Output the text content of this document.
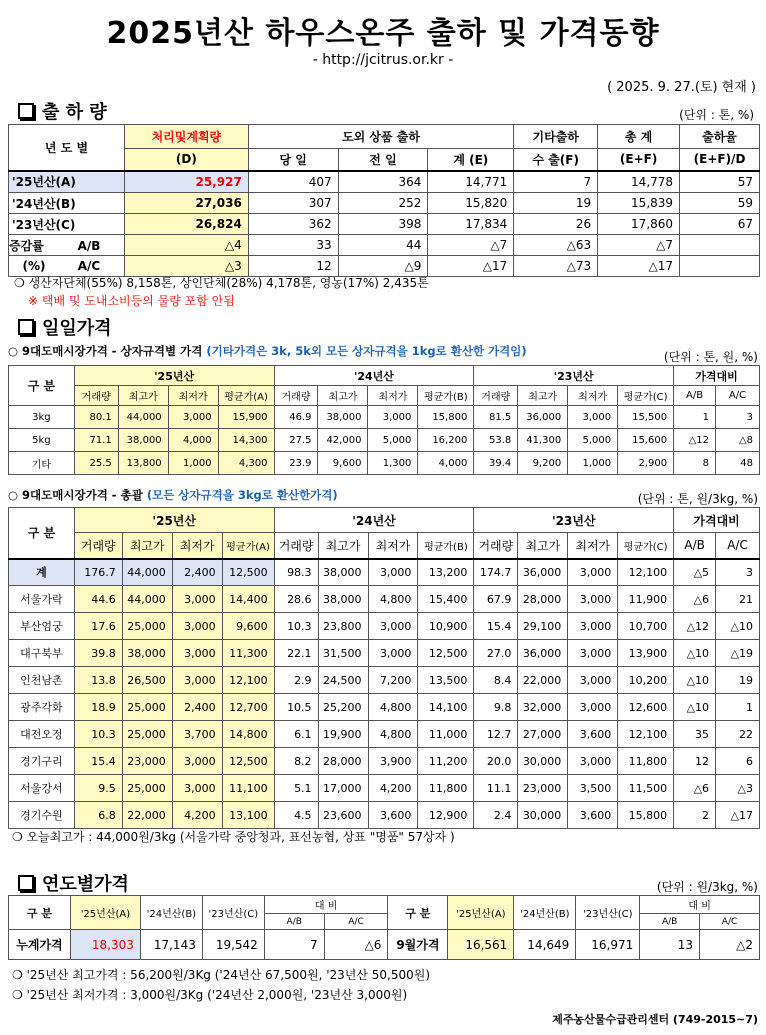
2025년산 하우스온주 출하 및 가격동향
- http://jcitrus.or.kr -
( 2025. 9. 27.(토) 현재 )
출 하 량	(단위 : 톤, %)
년 도 별	처리및계획량	도외 상품 출하			기타출하	총 계	출하율
	(D)	당 일	전 일	계 (E)	수 출(F)	(E+F)	(E+F)/D
'25년산(A)	25,927	407	364	14,771	7	14,778	57
'24년산(B)	27,036	307	252	15,820	19	15,839	59
'23년산(C)	26,824	362	398	17,834	26	17,860	67
증감률 A/B	△4	33	44	△7	△63	△7	
(%) A/C	△3	12	△9	△17	△73	△17	
❍ 생산자단체(55%) 8,158톤, 상인단체(28%) 4,178톤, 영농(17%) 2,435톤
※ 택배 및 도내소비등의 물량 포함 안됨
일일가격
○ 9대도매시장가격 - 상자규격별 가격 (기타가격은 3k, 5k외 모든 상자규격을 1kg로 환산한 가격임)	(단위 : 톤, 원, %)
구 분	'25년산				'24년산				'23년산				가격대비	
	거래량	최고가	최저가	평균가(A)	거래량	최고가	최저가	평균가(B)	거래량	최고가	최저가	평균가(C)	A/B	A/C
3kg	80.1	44,000	3,000	15,900	46.9	38,000	3,000	15,800	81.5	36,000	3,000	15,500	1	3
5kg	71.1	38,000	4,000	14,300	27.5	42,000	5,000	16,200	53.8	41,300	5,000	15,600	△12	△8
기타	25.5	13,800	1,000	4,300	23.9	9,600	1,300	4,000	39.4	9,200	1,000	2,900	8	48
○ 9대도매시장가격 - 총괄 (모든 상자규격을 3kg로 환산한가격)	(단위 : 톤, 원/3kg, %)
구 분	'25년산				'24년산				'23년산				가격대비	
	거래량	최고가	최저가	평균가(A)	거래량	최고가	최저가	평균가(B)	거래량	최고가	최저가	평균가(C)	A/B	A/C
계	176.7	44,000	2,400	12,500	98.3	38,000	3,000	13,200	174.7	36,000	3,000	12,100	△5	3
서울가락	44.6	44,000	3,000	14,400	28.6	38,000	4,800	15,400	67.9	28,000	3,000	11,900	△6	21
부산엄궁	17.6	25,000	3,000	9,600	10.3	23,800	3,000	10,900	15.4	29,100	3,000	10,700	△12	△10
대구북부	39.8	38,000	3,000	11,300	22.1	31,500	3,000	12,500	27.0	36,000	3,000	13,900	△10	△19
인천남촌	13.8	26,500	3,000	12,100	2.9	24,500	7,200	13,500	8.4	22,000	3,000	10,200	△10	19
광주각화	18.9	25,000	2,400	12,700	10.5	25,200	4,800	14,100	9.8	32,000	3,000	12,600	△10	1
대전오정	10.3	25,000	3,700	14,800	6.1	19,900	4,800	11,000	12.7	27,000	3,600	12,100	35	22
경기구리	15.4	23,000	3,000	12,500	8.2	28,000	3,900	11,200	20.0	30,000	3,000	11,800	12	6
서울강서	9.5	25,000	3,000	11,100	5.1	17,000	4,200	11,800	11.1	23,000	3,500	11,500	△6	△3
경기수원	6.8	22,000	4,200	13,100	4.5	23,600	3,600	12,900	2.4	30,000	3,600	15,800	2	△17
❍ 오늘최고가 : 44,000원/3kg (서울가락 중앙청과, 표선농협, 상표 "명품" 57상자 )
연도별가격	(단위 : 원/3kg, %)
구 분	'25년산(A)	'24년산(B)	'23년산(C)	대 비		구 분	'25년산(A)	'24년산(B)	'23년산(C)	대 비	
				A/B	A/C					A/B	A/C
누계가격	18,303	17,143	19,542	7	△6	9월가격	16,561	14,649	16,971	13	△2
❍ '25년산 최고가격 : 56,200원/3Kg ('24년산 67,500원, '23년산 50,500원)
❍ '25년산 최저가격 : 3,000원/3Kg ('24년산 2,000원, '23년산 3,000원)
제주농산물수급관리센터 (749-2015~7)
